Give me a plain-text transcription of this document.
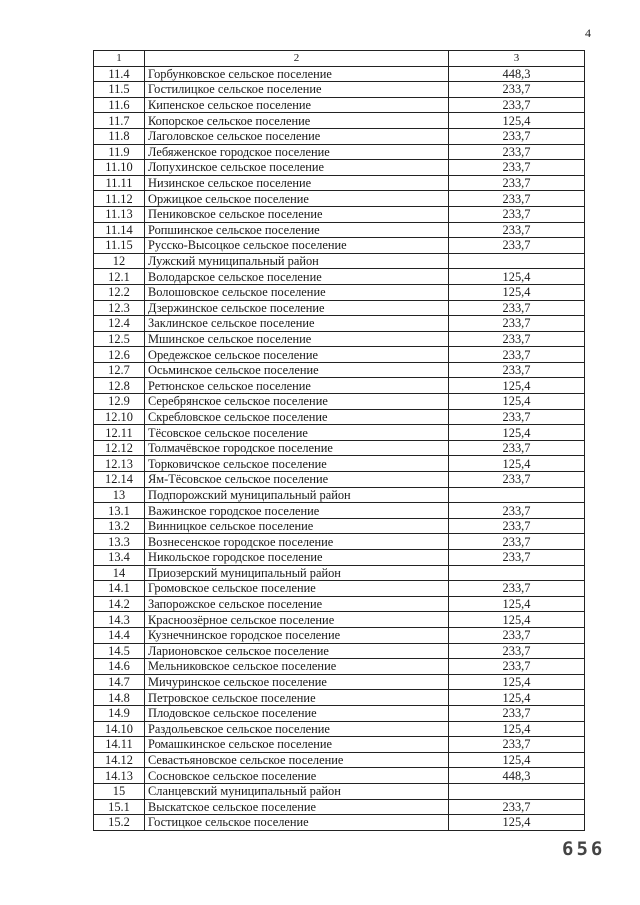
4
1	2	3
11.4	Горбунковское сельское поселение	448,3
11.5	Гостилицкое сельское поселение	233,7
11.6	Кипенское сельское поселение	233,7
11.7	Копорское сельское поселение	125,4
11.8	Лаголовское сельское поселение	233,7
11.9	Лебяженское городское поселение	233,7
11.10	Лопухинское сельское поселение	233,7
11.11	Низинское сельское поселение	233,7
11.12	Оржицкое сельское поселение	233,7
11.13	Пениковское сельское поселение	233,7
11.14	Ропшинское сельское поселение	233,7
11.15	Русско-Высоцкое сельское поселение	233,7
12	Лужский муниципальный район	
12.1	Володарское сельское поселение	125,4
12.2	Волошовское сельское поселение	125,4
12.3	Дзержинское сельское поселение	233,7
12.4	Заклинское сельское поселение	233,7
12.5	Мшинское сельское поселение	233,7
12.6	Оредежское сельское поселение	233,7
12.7	Осьминское сельское поселение	233,7
12.8	Ретюнское сельское поселение	125,4
12.9	Серебрянское сельское поселение	125,4
12.10	Скребловское сельское поселение	233,7
12.11	Тёсовское сельское поселение	125,4
12.12	Толмачёвское городское поселение	233,7
12.13	Торковичское сельское поселение	125,4
12.14	Ям-Тёсовское сельское поселение	233,7
13	Подпорожский муниципальный район	
13.1	Важинское городское поселение	233,7
13.2	Винницкое сельское поселение	233,7
13.3	Вознесенское городское поселение	233,7
13.4	Никольское городское поселение	233,7
14	Приозерский муниципальный район	
14.1	Громовское сельское поселение	233,7
14.2	Запорожское сельское поселение	125,4
14.3	Красноозёрное сельское поселение	125,4
14.4	Кузнечнинское городское поселение	233,7
14.5	Ларионовское сельское поселение	233,7
14.6	Мельниковское сельское поселение	233,7
14.7	Мичуринское сельское поселение	125,4
14.8	Петровское сельское поселение	125,4
14.9	Плодовское сельское поселение	233,7
14.10	Раздольевское сельское поселение	125,4
14.11	Ромашкинское сельское поселение	233,7
14.12	Севастьяновское сельское поселение	125,4
14.13	Сосновское сельское поселение	448,3
15	Сланцевский муниципальный район	
15.1	Выскатское сельское поселение	233,7
15.2	Гостицкое сельское поселение	125,4
656
